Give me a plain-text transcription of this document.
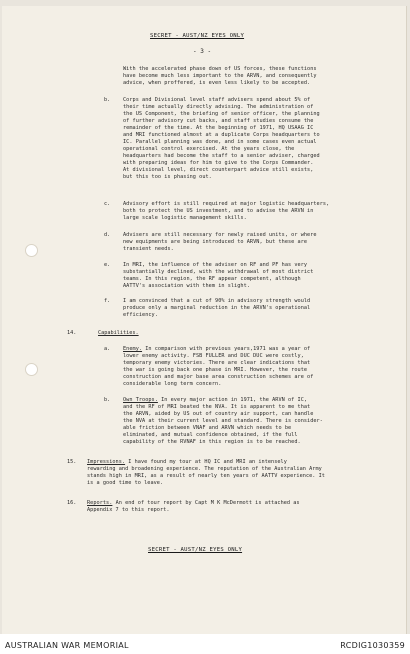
SECRET - AUST/NZ EYES ONLY
- 3 -
With the accelerated phase down of US forces, these functions
have become much less important to the ARVN, and consequently
advice, when proffered, is even less likely to be accepted.
b. Corps and Divisional level staff advisers spend about 5% of
their time actually directly advising. The administration of
the US Component, the briefing of senior officer, the planning
of further advisory cut backs, and staff studies consume the
remainder of the time. At the beginning of 1971, HQ USAAG IC
and MRI functioned almost at a duplicate Corps headquarters to
IC. Parallel planning was done, and in some cases even actual
operational control exercised. At the years close, the
headquarters had become the staff to a senior adviser, charged
with preparing ideas for him to give to the Corps Commander.
At divisional level, direct counterpart advice still exists,
but this too is phasing out.
c. Advisory effort is still required at major logistic headquarters,
both to protect the US investment, and to advise the ARVN in
large scale logistic management skills.
d. Advisers are still necessary for newly raised units, or where
new equipments are being introduced to ARVN, but these are
transient needs.
e. In MRI, the influence of the adviser on RF and PF has very
substantially declined, with the withdrawal of most district
teams. In this region, the RF appear competent, although
AATTV's association with them in slight.
f. I am convinced that a cut of 90% in advisory strength would
produce only a marginal reduction in the ARVN's operational
efficiency.
14.	Capabilities.
a. Enemy. In comparison with previous years,1971 was a year of
lower enemy activity. FSB FULLER and DUC DUC were costly,
temporary enemy victories. There are clear indications that
the war is going back one phase in MRI. However, the route
construction and major base area construction schemes are of
considerable long term concern.
b. Own Troops. In every major action in 1971, the ARVN of IC,
and the RF of MRI beated the NVA. It is apparent to me that
the ARVN, aided by US out of country air support, can handle
the NVA at their current level and standard. There is consider-
able friction between VNAF and ARVN which needs to be
eliminated, and mutual confidence obtained, if the full
capability of the RVNAF in this region is to be reached.
15. Impressions. I have found my tour at HQ IC and MRI an intensely
rewarding and broadening experience. The reputation of the Australian Army
stands high in MRI, as a result of nearly ten years of AATTV experience. It
is a good time to leave.
16. Reports. An end of tour report by Capt M K McDermott is attached as
Appendix 7 to this report.
SECRET - AUST/NZ EYES ONLY
AUSTRALIAN WAR MEMORIAL	RCDIG1030359
